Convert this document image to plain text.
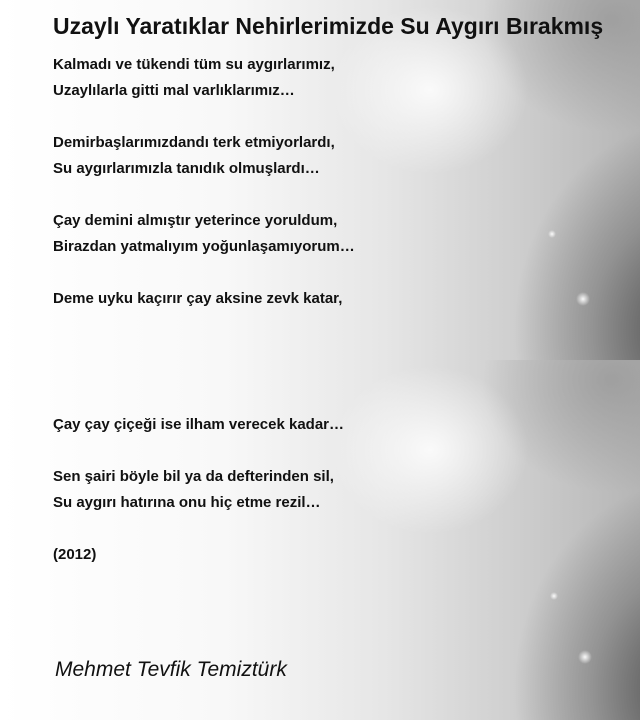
Uzaylı Yaratıklar Nehirlerimizde Su Aygırı Bırakmış

Kalmadı ve tükendi tüm su aygırlarımız,
Uzaylılarla gitti mal varlıklarımız…

Demirbaşlarımızdandı terk etmiyorlardı,
Su aygırlarımızla tanıdık olmuşlardı…

Çay demini almıştır yeterince yoruldum,
Birazdan yatmalıyım yoğunlaşamıyorum…

Deme uyku kaçırır çay aksine zevk katar,

Çay çay çiçeği ise ilham verecek kadar…

Sen şairi böyle bil ya da defterinden sil,
Su aygırı hatırına onu hiç etme rezil…

(2012)

Mehmet Tevfik Temiztürk
